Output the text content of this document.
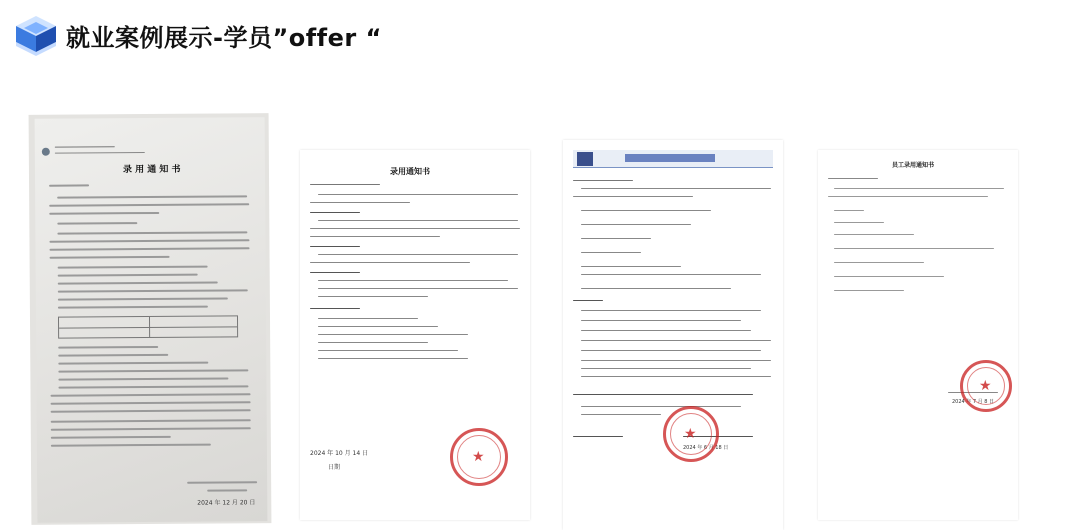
就业案例展示-学员”offer “
录 用 通 知 书
2024 年 12 月 20 日
录用通知书
2024 年 10 月 14 日
日期
★
2024 年 6 月 18 日
★
员工录用通知书
2024 年 7 月 8 日
★
